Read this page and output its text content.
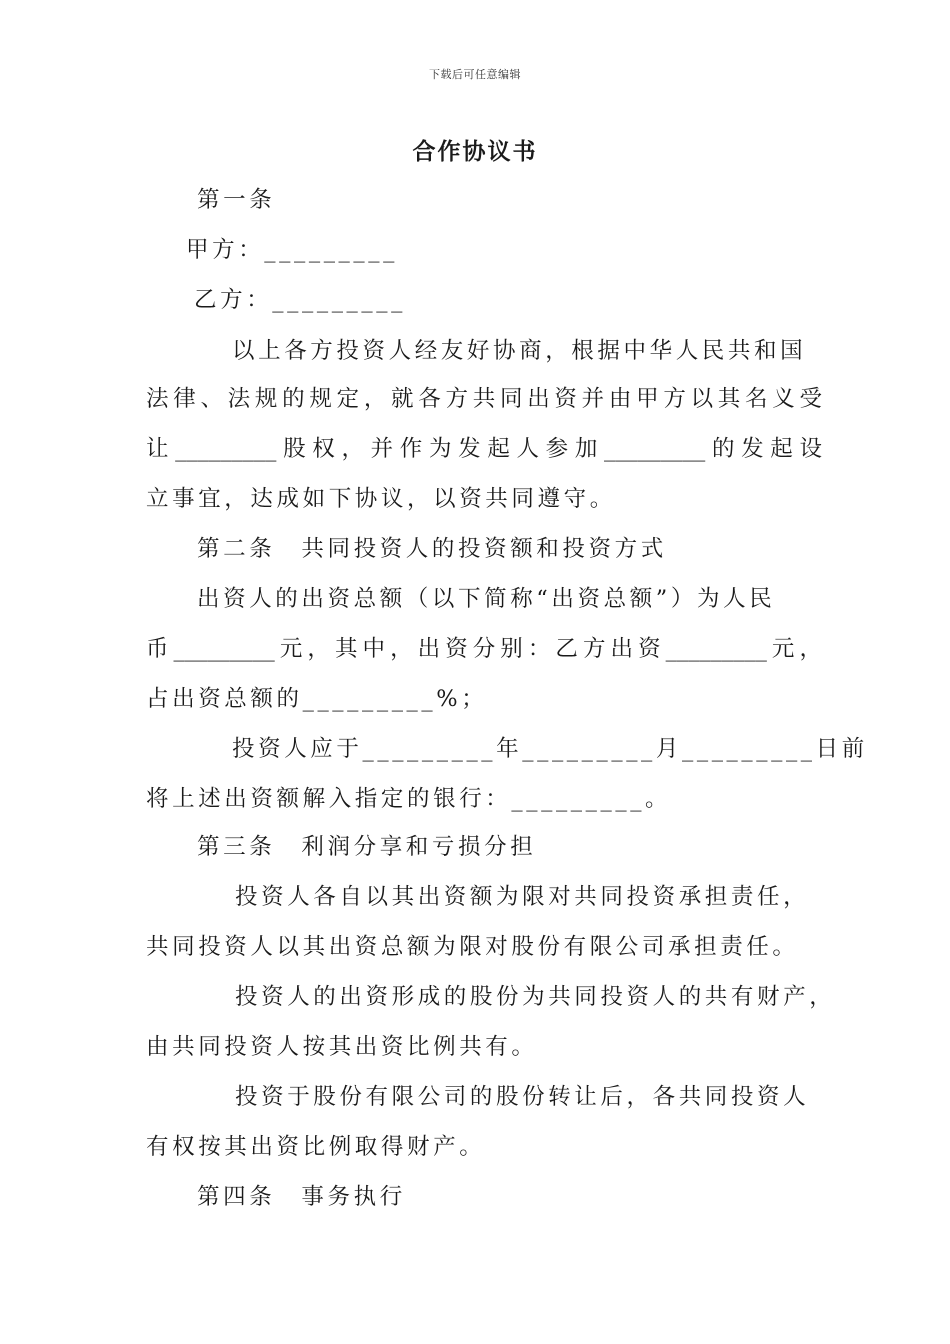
下载后可任意编辑
合作协议书
第一条
甲方：_________
乙方：_________
以上各方投资人经友好协商，根据中华人民共和国
法律、法规的规定，就各方共同出资并由甲方以其名义受
让_________股权，并作为发起人参加_________的发起设
立事宜，达成如下协议，以资共同遵守。
第二条　共同投资人的投资额和投资方式
出资人的出资总额（以下简称“出资总额”）为人民
币_________元，其中，出资分别：乙方出资_________元，
占出资总额的_________%；
投资人应于_________年_________月_________日前
将上述出资额解入指定的银行：_________。
第三条　利润分享和亏损分担
投资人各自以其出资额为限对共同投资承担责任，
共同投资人以其出资总额为限对股份有限公司承担责任。
投资人的出资形成的股份为共同投资人的共有财产，
由共同投资人按其出资比例共有。
投资于股份有限公司的股份转让后，各共同投资人
有权按其出资比例取得财产。
第四条　事务执行
